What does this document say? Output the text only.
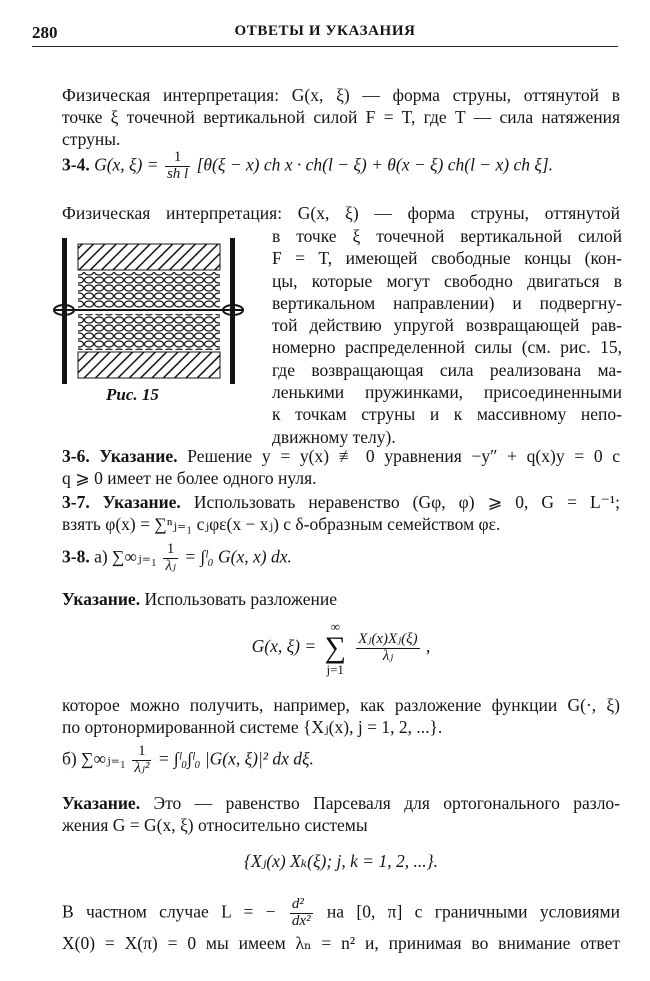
280	ОТВЕТЫ И УКАЗАНИЯ
Физическая интерпретация: G(x, ξ) — форма струны, оттянутой в
точке ξ точечной вертикальной силой F = T, где T — сила натяжения
струны.
3-4. G(x, $\xi) = \frac{1}{\text{sh l}} [\theta(\xi - x)$ ch x · ch(l − ξ) + θ(x − ξ) ch(l − x) ch ξ].
Физическая интерпретация: G(x, ξ) — форма струны, оттянутой
Рис. 15
в точке ξ точечной вертикальной силой
F = T, имеющей свободные концы (кон-
цы, которые могут свободно двигаться в
вертикальном направлении) и подвергну-
той действию упругой возвращающей рав-
номерно распределенной силы (см. рис. 15,
где возвращающая сила реализована ма-
ленькими пружинками, присоединенными
к точкам струны и к массивному непо-
движному телу).
3-6. Указание. Решение y = y(x) ≢ 0 уравнения −y″ + q(x)y = 0 с
q ⩾ 0 имеет не более одного нуля.
3-7. Указание. Использовать неравенство (Gφ, φ) ⩾ 0, G = L⁻¹;
взять φ(x) = ∑ⁿⱼ₌₁ cⱼφε(x − xⱼ) с δ-образным семейством φε.
3-8. а) ∑∞ⱼ₌₁ $\frac{1}{\text{λⱼ}}$ = ∫ˡ₀ G(x, x) dx.
Указание. Использовать разложение
G(x, ξ) =
∞
∑
j=1

$\frac{\text{Xⱼ(x)Xⱼ(ξ)}}{\text{λⱼ}}$ ,
которое можно получить, например, как разложение функции G(·, ξ)
по ортонормированной системе {Xⱼ(x), j = 1, 2, ...}.
б) ∑∞ⱼ₌₁ $\frac{1}{\text{λⱼ²}}$ = ∫ˡ₀∫ˡ₀ |G(x, ξ)|² dx dξ.
Указание. Это — равенство Парсеваля для ортогонального разло-
жения G = G(x, ξ) относительно системы
{Xⱼ(x) Xₖ(ξ); j, k = 1, 2, ...}.
В частном случае L = − $\frac{\text{d²}}{\text{dx²}}$ на [0, π] с граничными условиями
X(0) = X(π) = 0 мы имеем λₙ = n² и, принимая во внимание ответ
